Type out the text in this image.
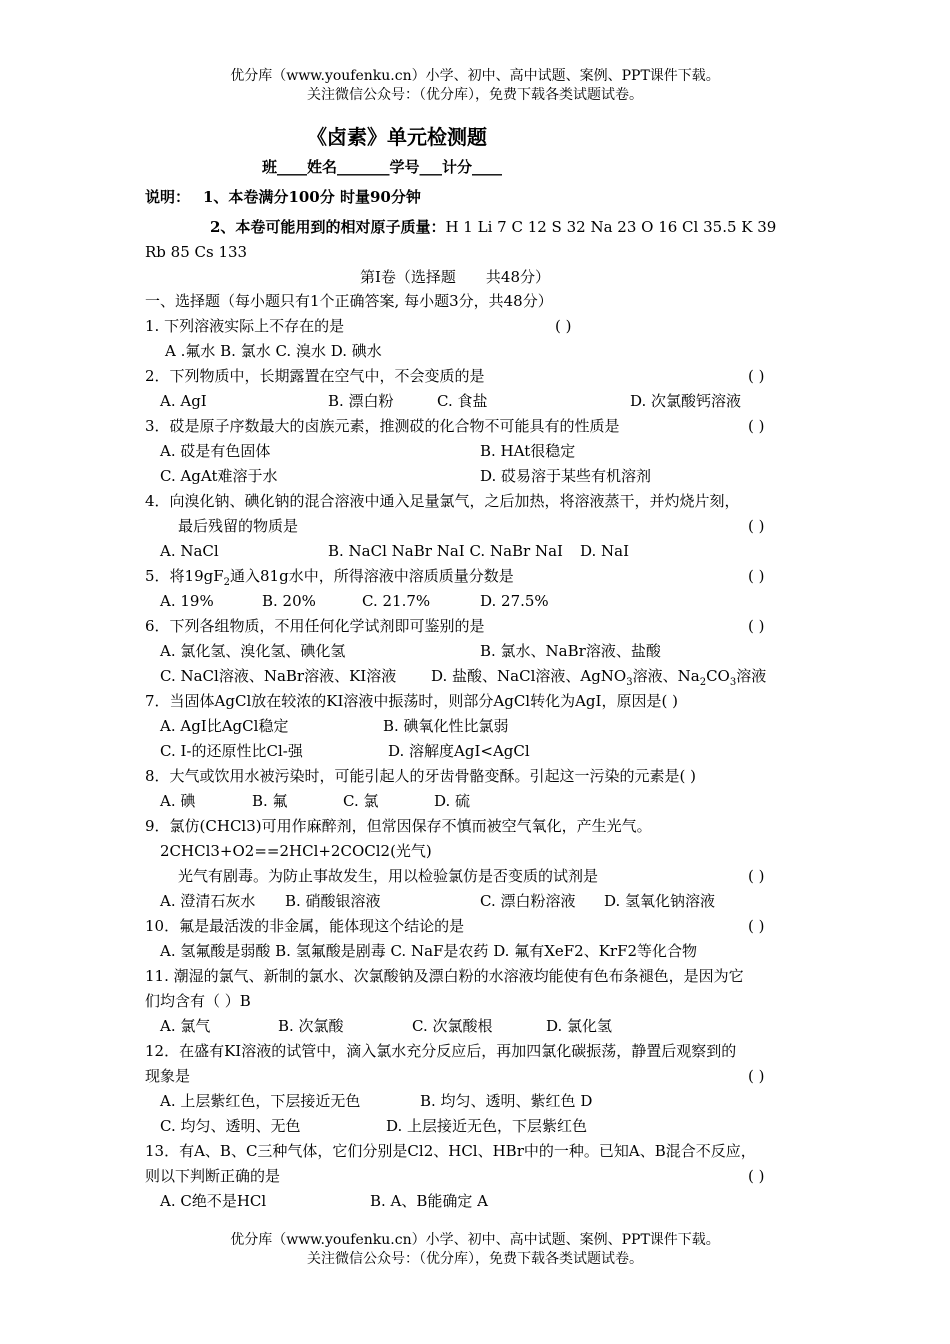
优分库（www.youfenku.cn）小学、初中、高中试题、案例、PPT课件下载。
关注微信公众号：（优分库），免费下载各类试题试卷。
《卤素》单元检测题
班____姓名_______学号___计分____
说明： 1、本卷满分100分 时量90分钟
2、本卷可能用到的相对原子质量：H 1 Li 7 C 12 S 32 Na 23 O 16 Cl 35.5 K 39
Rb 85 Cs 133
第Ⅰ卷（选择题　　共48分）
一、选择题（每小题只有1个正确答案, 每小题3分，共48分）
1. 下列溶液实际上不存在的是	( )
A .氟水 B. 氯水 C. 溴水 D. 碘水
2．下列物质中，长期露置在空气中，不会变质的是	( )
A. AgI	B. 漂白粉	C. 食盐	D. 次氯酸钙溶液
3．砹是原子序数最大的卤族元素，推测砹的化合物不可能具有的性质是	( )
A. 砹是有色固体	B. HAt很稳定
C. AgAt难溶于水	D. 砹易溶于某些有机溶剂
4．向溴化钠、碘化钠的混合溶液中通入足量氯气，之后加热，将溶液蒸干，并灼烧片刻，
最后残留的物质是	( )
A. NaCl	B. NaCl NaBr NaI C. NaBr NaI D. NaI
5．将$19gF_2$通入81g水中，所得溶液中溶质质量分数是	( )
A. 19%	B. 20%	C. 21.7%	D. 27.5%
6．下列各组物质，不用任何化学试剂即可鉴别的是	( )
A. 氯化氢、溴化氢、碘化氢	B. 氯水、NaBr溶液、盐酸
C. NaCl溶液、NaBr溶液、KI溶液 D. 盐酸、NaCl溶液、AgNO$_3$溶液、$Na_2CO_3$溶液
7．当固体AgCl放在较浓的KI溶液中振荡时，则部分AgCl转化为AgI，原因是( )
A. AgI比AgCl稳定	B. 碘氧化性比氯弱
C. I-的还原性比Cl-强	D. 溶解度AgI<AgCl
8．大气或饮用水被污染时，可能引起人的牙齿骨骼变酥。引起这一污染的元素是( )
A. 碘	B. 氟	C. 氯	D. 硫
9．氯仿(CHCl3)可用作麻醉剂，但常因保存不慎而被空气氧化，产生光气。
2CHCl3+O2==2HCl+2COCl2(光气)
光气有剧毒。为防止事故发生，用以检验氯仿是否变质的试剂是	( )
A. 澄清石灰水 B. 硝酸银溶液	C. 漂白粉溶液 D. 氢氧化钠溶液
10．氟是最活泼的非金属，能体现这个结论的是	( )
A. 氢氟酸是弱酸 B. 氢氟酸是剧毒 C. NaF是农药 D. 氟有XeF2、KrF2等化合物
11. 潮湿的氯气、新制的氯水、次氯酸钠及漂白粉的水溶液均能使有色布条褪色，是因为它
们均含有（ ）B
A. 氯气	B. 次氯酸	C. 次氯酸根	D. 氯化氢
12．在盛有KI溶液的试管中，滴入氯水充分反应后，再加四氯化碳振荡，静置后观察到的
现象是	( )
A. 上层紫红色，下层接近无色	B. 均匀、透明、紫红色 D
C. 均匀、透明、无色	D. 上层接近无色，下层紫红色
13．有A、B、C三种气体，它们分别是Cl2、HCl、HBr中的一种。已知A、B混合不反应，
则以下判断正确的是	( )
A. C绝不是HCl	B. A、B能确定 A
优分库（www.youfenku.cn）小学、初中、高中试题、案例、PPT课件下载。
关注微信公众号：（优分库），免费下载各类试题试卷。
